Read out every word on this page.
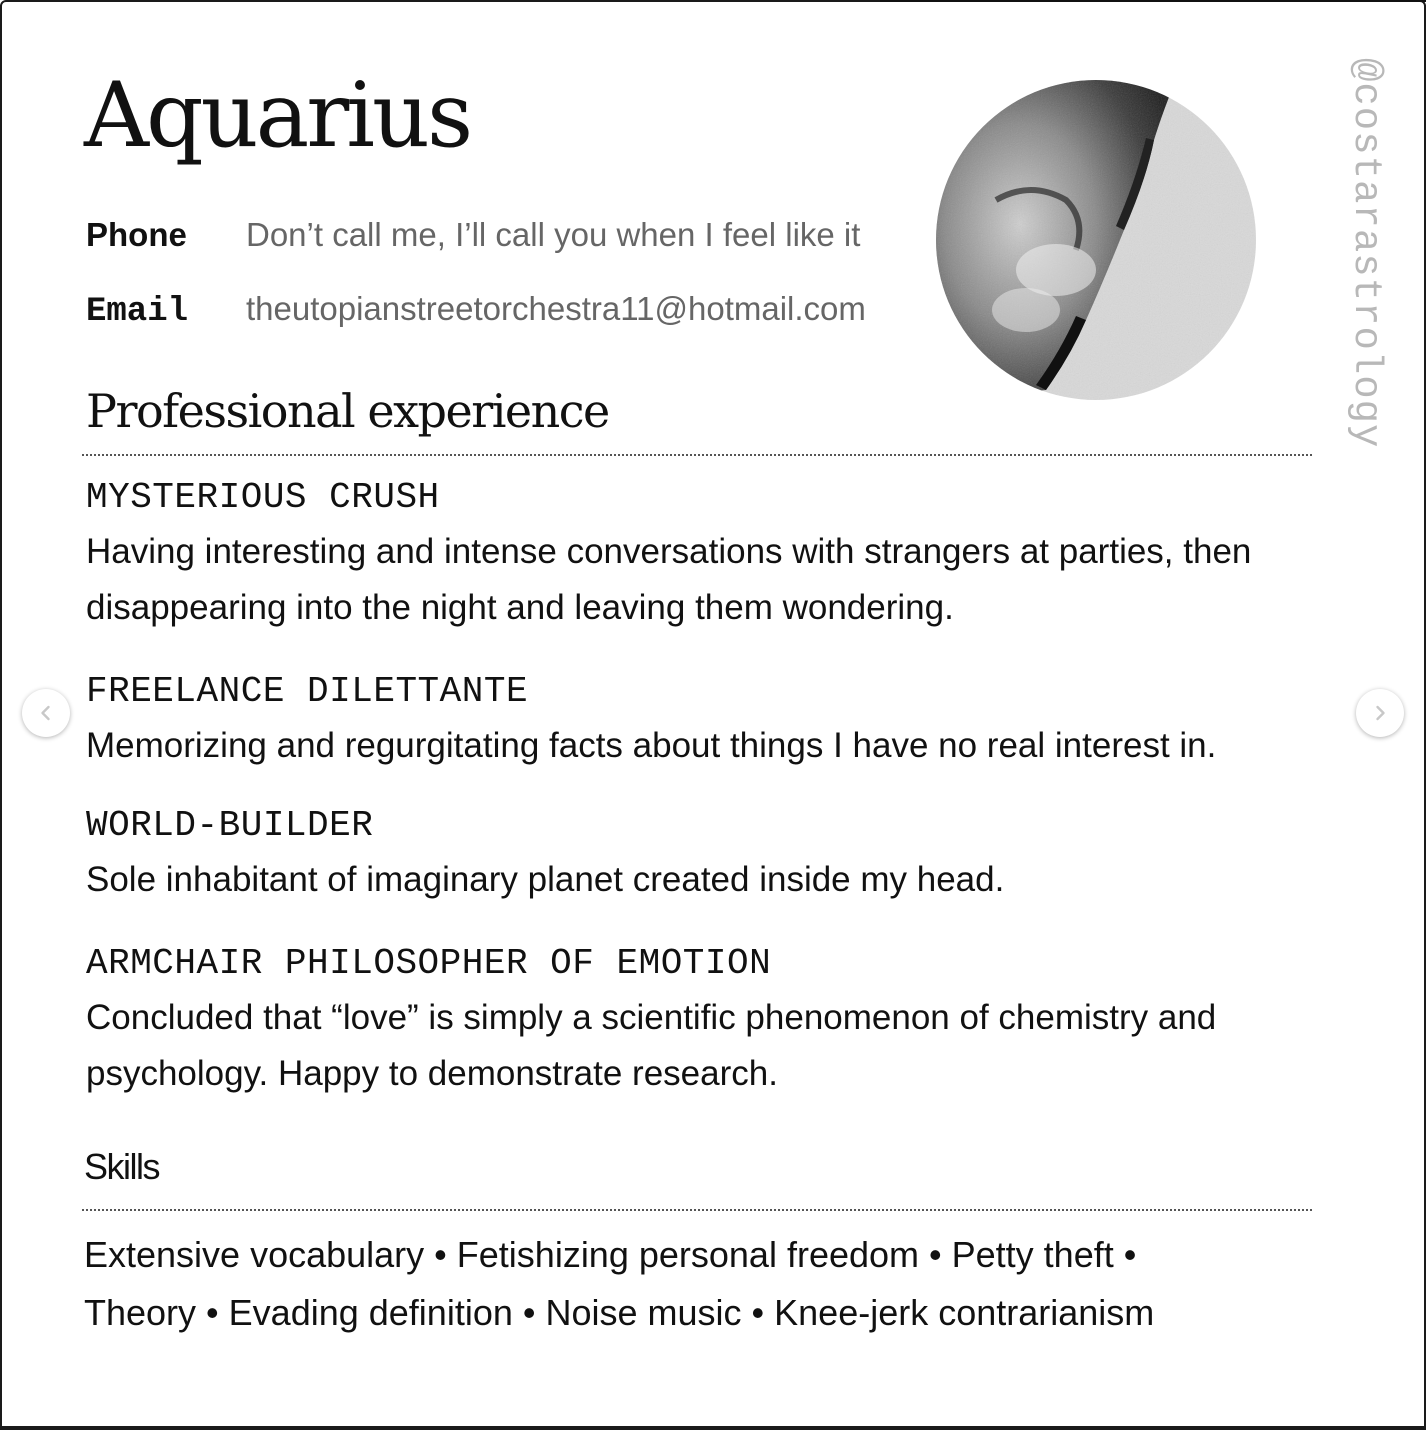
Aquarius
Phone	Don’t call me, I’ll call you when I feel like it
Email	theutopianstreetorchestra11@hotmail.com	@costarastrology
Professional experience
MYSTERIOUS CRUSH
Having interesting and intense conversations with strangers at parties, then disappearing into the night and leaving them wondering.
FREELANCE DILETTANTE
Memorizing and regurgitating facts about things I have no real interest in.
WORLD-BUILDER
Sole inhabitant of imaginary planet created inside my head.
ARMCHAIR PHILOSOPHER OF EMOTION
Concluded that “love” is simply a scientific phenomenon of chemistry and psychology. Happy to demonstrate research.
Skills
Extensive vocabulary • Fetishizing personal freedom • Petty theft •
Theory • Evading definition • Noise music • Knee-jerk contrarianism
